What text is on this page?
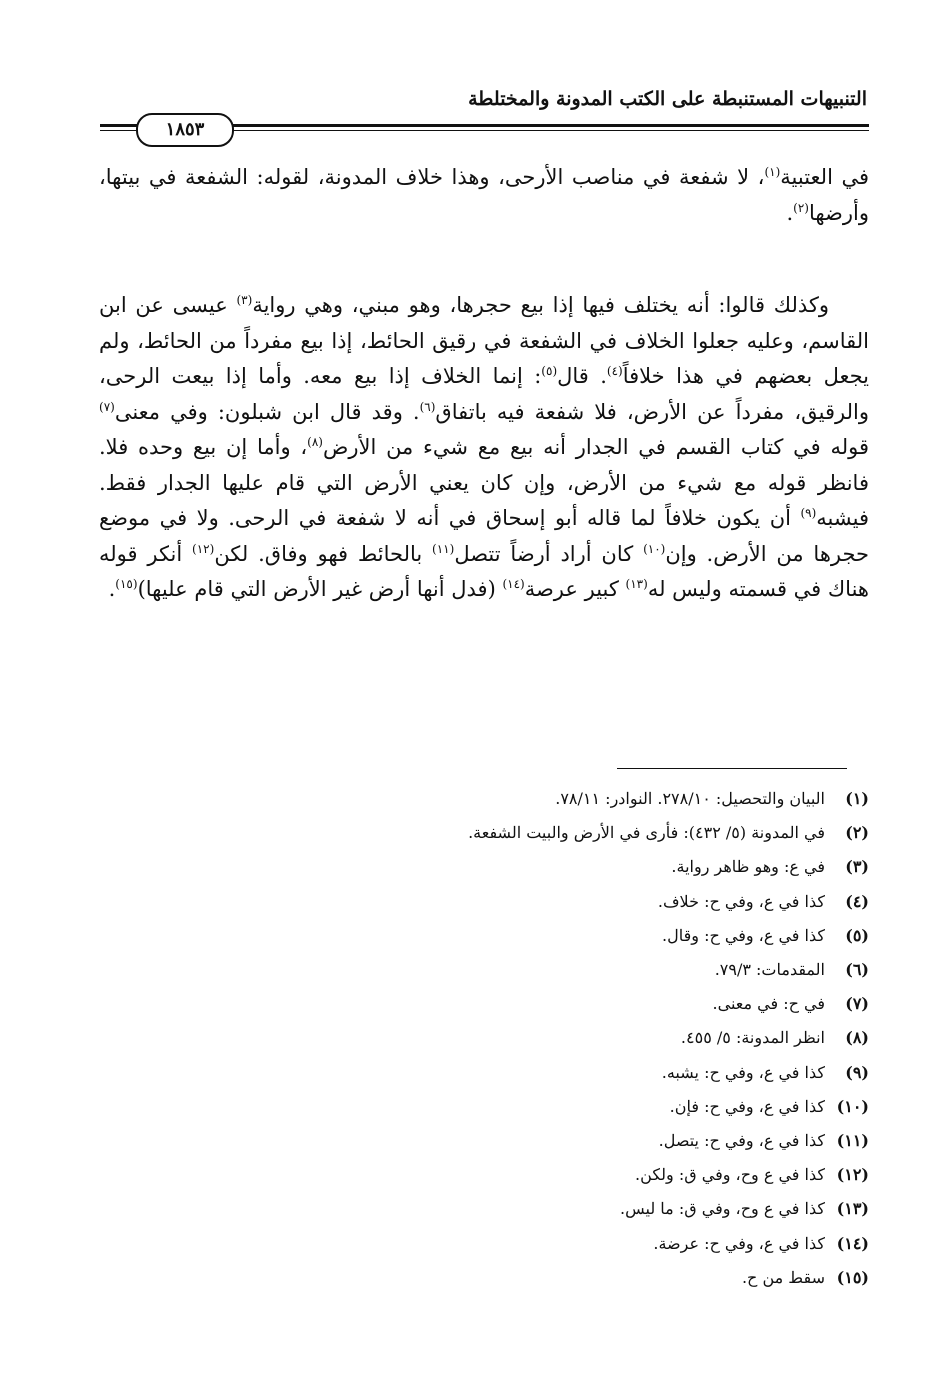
التنبيهات المستنبطة على الكتب المدونة والمختلطة
١٨٥٣
في العتبية$^{(١)}$، لا شفعة في مناصب الأرحى، وهذا خلاف المدونة، لقوله: الشفعة في بيتها، وأرضها$^{(٢)}$.
وكذلك قالوا: أنه يختلف فيها إذا بيع حجرها، وهو مبني، وهي رواية$^{(٣)}$ عيسى عن ابن القاسم، وعليه جعلوا الخلاف في الشفعة في رقيق الحائط، إذا بيع مفرداً من الحائط، ولم يجعل بعضهم في هذا خلافاً$^{(٤)}$. قال$^{(٥)}$: إنما الخلاف إذا بيع معه. وأما إذا بيعت الرحى، والرقيق، مفرداً عن الأرض، فلا شفعة فيه باتفاق$^{(٦)}$. وقد قال ابن شبلون: وفي معنى$^{(٧)}$ قوله في كتاب القسم في الجدار أنه بيع مع شيء من الأرض$^{(٨)}$، وأما إن بيع وحده فلا. فانظر قوله مع شيء من الأرض، وإن كان يعني الأرض التي قام عليها الجدار فقط. فيشبه$^{(٩)}$ أن يكون خلافاً لما قاله أبو إسحاق في أنه لا شفعة في الرحى. ولا في موضع حجرها من الأرض. وإن$^{(١٠)}$ كان أراد أرضاً تتصل$^{(١١)}$ بالحائط فهو وفاق. لكن$^{(١٢)}$ أنكر قوله هناك في قسمته وليس له$^{(١٣)}$ كبير عرصة$^{(١٤)}$ (فدل أنها أرض غير الأرض التي قام عليها)$^{(١٥)}$.
(١)البيان والتحصيل: ٢٧٨/١٠. النوادر: ٧٨/١١.
(٢)في المدونة (٥/ ٤٣٢): فأرى في الأرض والبيت الشفعة.
(٣)في ع: وهو ظاهر رواية.
(٤)كذا في ع، وفي ح: خلاف.
(٥)كذا في ع، وفي ح: وقال.
(٦)المقدمات: ٧٩/٣.
(٧)في ح: في معنى.
(٨)انظر المدونة: ٥/ ٤٥٥.
(٩)كذا في ع، وفي ح: يشبه.
(١٠)كذا في ع، وفي ح: فإن.
(١١)كذا في ع، وفي ح: يتصل.
(١٢)كذا في ع وح، وفي ق: ولكن.
(١٣)كذا في ع وح، وفي ق: ما ليس.
(١٤)كذا في ع، وفي ح: عرضة.
(١٥)سقط من ح.
